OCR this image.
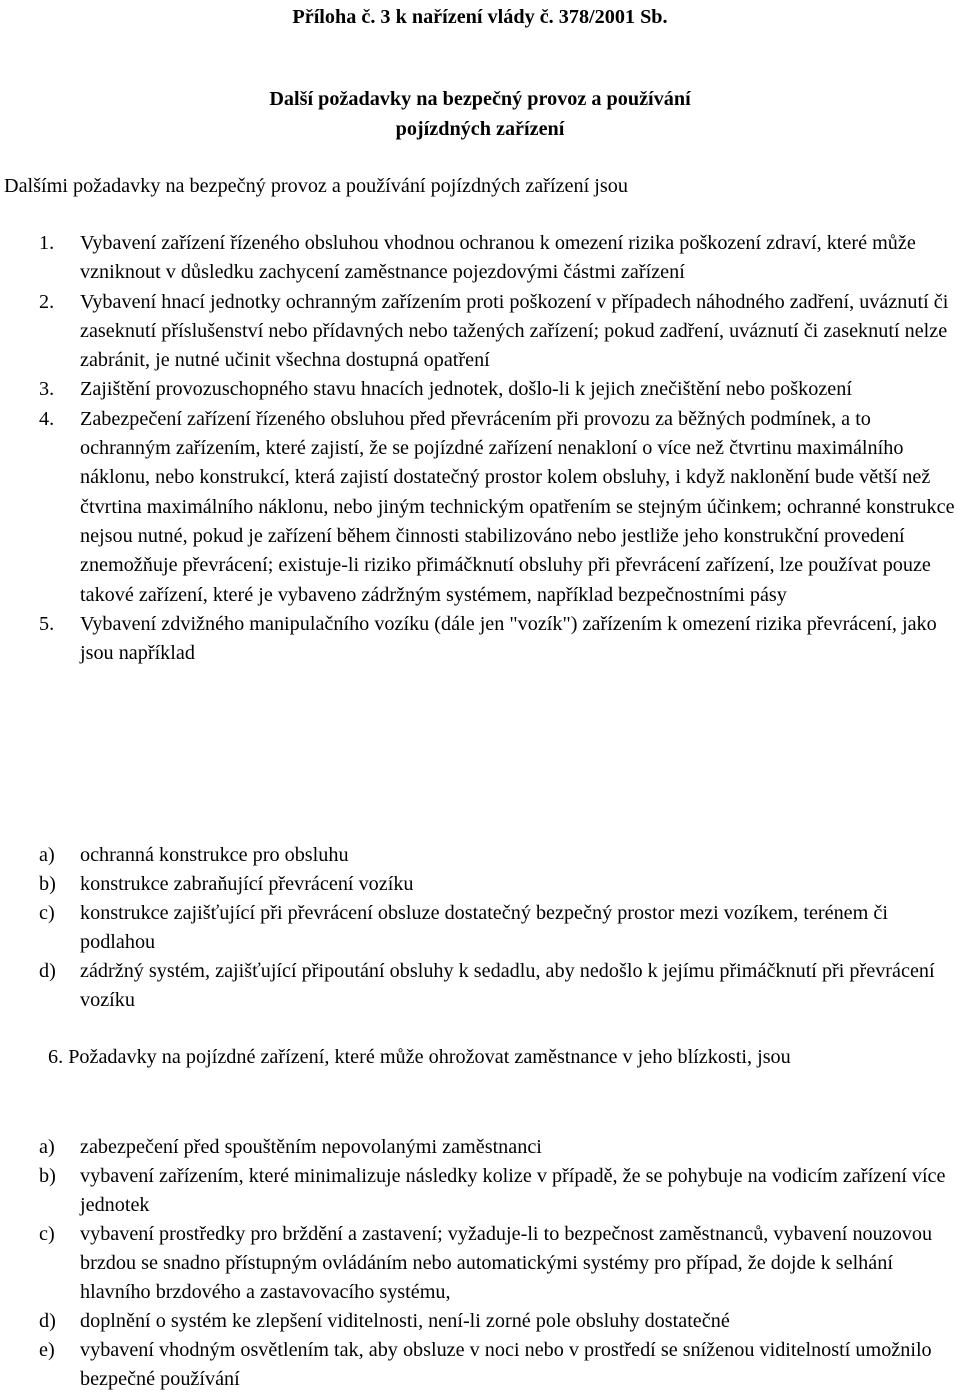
Příloha č. 3 k nařízení vlády č. 378/2001 Sb.

Další požadavky na bezpečný provoz a používání
pojízdných zařízení

Dalšími požadavky na bezpečný provoz a používání pojízdných zařízení jsou

1. Vybavení zařízení řízeného obsluhou vhodnou ochranou k omezení rizika poškození zdraví, které může vzniknout v důsledku zachycení zaměstnance pojezdovými částmi zařízení
2. Vybavení hnací jednotky ochranným zařízením proti poškození v případech náhodného zadření, uváznutí či zaseknutí příslušenství nebo přídavných nebo tažených zařízení; pokud zadření, uváznutí či zaseknutí nelze zabránit, je nutné učinit všechna dostupná opatření
3. Zajištění provozuschopného stavu hnacích jednotek, došlo-li k jejich znečištění nebo poškození
4. Zabezpečení zařízení řízeného obsluhou před převrácením při provozu za běžných podmínek, a to ochranným zařízením, které zajistí, že se pojízdné zařízení nenakloní o více než čtvrtinu maximálního náklonu, nebo konstrukcí, která zajistí dostatečný prostor kolem obsluhy, i když naklonění bude větší než čtvrtina maximálního náklonu, nebo jiným technickým opatřením se stejným účinkem; ochranné konstrukce nejsou nutné, pokud je zařízení během činnosti stabilizováno nebo jestliže jeho konstrukční provedení znemožňuje převrácení; existuje-li riziko přimáčknutí obsluhy při převrácení zařízení, lze používat pouze takové zařízení, které je vybaveno zádržným systémem, například bezpečnostními pásy
5. Vybavení zdvižného manipulačního vozíku (dále jen "vozík") zařízením k omezení rizika převrácení, jako jsou například
a) ochranná konstrukce pro obsluhu
b) konstrukce zabraňující převrácení vozíku
c) konstrukce zajišťující při převrácení obsluze dostatečný bezpečný prostor mezi vozíkem, terénem či podlahou
d) zádržný systém, zajišťující připoutání obsluhy k sedadlu, aby nedošlo k jejímu přimáčknutí při převrácení vozíku

6. Požadavky na pojízdné zařízení, které může ohrožovat zaměstnance v jeho blízkosti, jsou

a) zabezpečení před spouštěním nepovolanými zaměstnanci
b) vybavení zařízením, které minimalizuje následky kolize v případě, že se pohybuje na vodicím zařízení více jednotek
c) vybavení prostředky pro brždění a zastavení; vyžaduje-li to bezpečnost zaměstnanců, vybavení nouzovou brzdou se snadno přístupným ovládáním nebo automatickými systémy pro případ, že dojde k selhání hlavního brzdového a zastavovacího systému,
d) doplnění o systém ke zlepšení viditelnosti, není-li zorné pole obsluhy dostatečné
e) vybavení vhodným osvětlením tak, aby obsluze v noci nebo v prostředí se sníženou viditelností umožnilo bezpečné používání
